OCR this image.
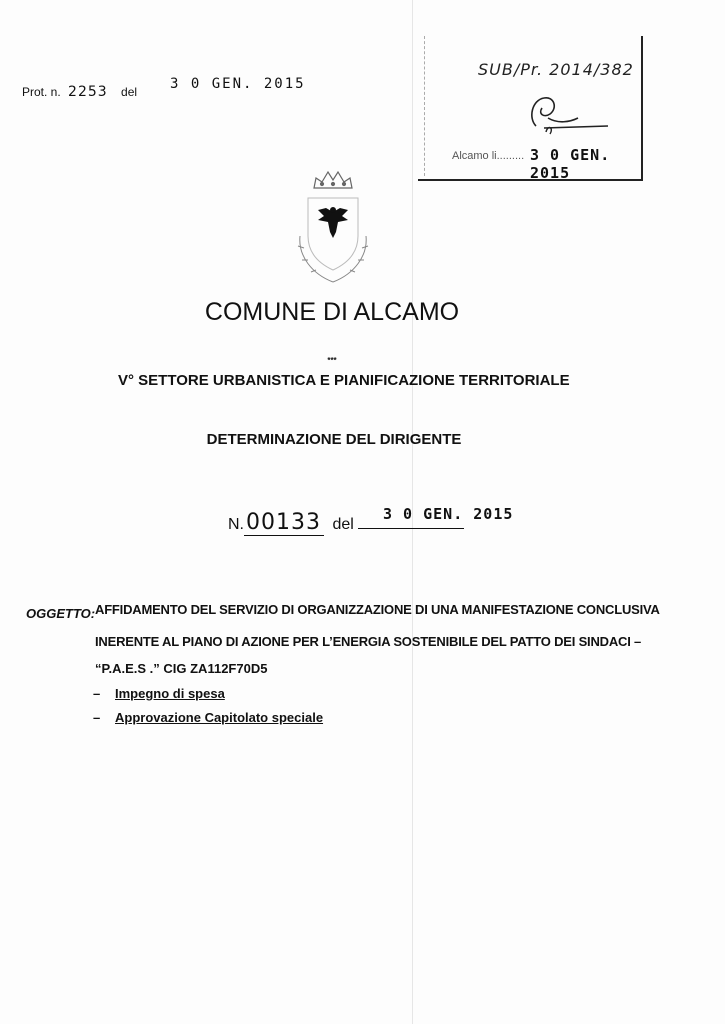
Prot. n. 2253 del 3 0 GEN. 2015
SUB/Pr. 2014/382
Alcamo li......... 3 0 GEN. 2015
COMUNE DI ALCAMO
***
V° SETTORE URBANISTICA E PIANIFICAZIONE TERRITORIALE
DETERMINAZIONE DEL DIRIGENTE
N.00133 del
3 0 GEN. 2015
OGGETTO: AFFIDAMENTO DEL SERVIZIO DI ORGANIZZAZIONE DI UNA MANIFESTAZIONE CONCLUSIVA
INERENTE AL PIANO DI AZIONE PER L’ENERGIA SOSTENIBILE DEL PATTO DEI SINDACI –
“P.A.E.S .” CIG ZA112F70D5
– Impegno di spesa
– Approvazione Capitolato speciale
